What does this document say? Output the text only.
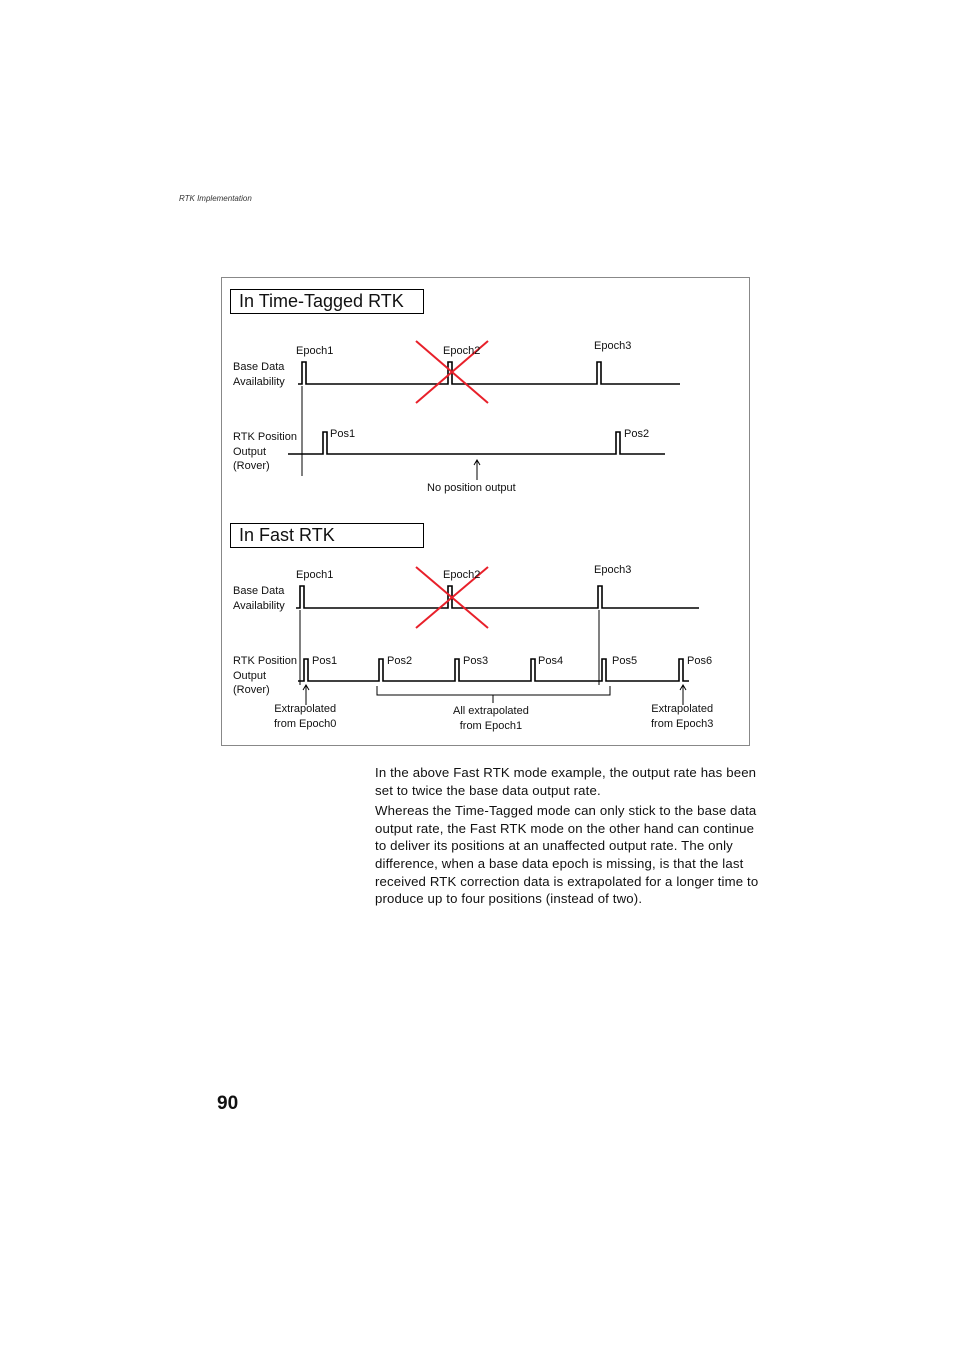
RTK Implementation
In Time-Tagged RTK
Base Data
Availability
RTK Position
Output
(Rover)
Epoch1	Epoch2	Epoch3
Pos1	Pos2
No position output
In Fast RTK
Base Data
Availability
RTK Position
Output
(Rover)
Epoch1	Epoch2	Epoch3
Pos1	Pos2	Pos3	Pos4	Pos5	Pos6
Extrapolated
from Epoch0
All extrapolated
from Epoch1
Extrapolated
from Epoch3

In the above Fast RTK mode example, the output rate has been set to twice the base data output rate.

Whereas the Time-Tagged mode can only stick to the base data output rate, the Fast RTK mode on the other hand can continue to deliver its positions at an unaffected output rate. The only difference, when a base data epoch is missing, is that the last received RTK correction data is extrapolated for a longer time to produce up to four positions (instead of two).

90
